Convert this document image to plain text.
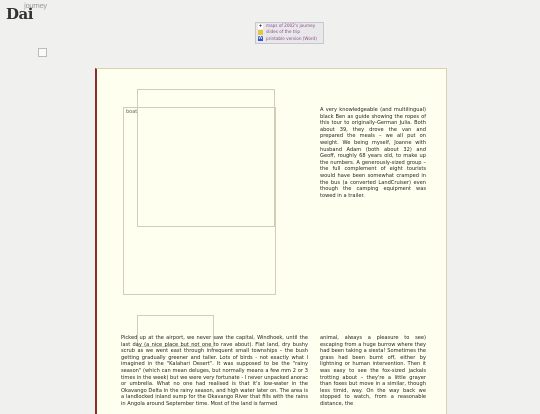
Dai
journey
+ maps of 2002's journey
slides of the trip
W printable version (Word)
boat	A very knowledgeable (and multilingual) black Ben as guide showing the ropes of this tour to originally-German Julia. Both about 39, they drove the van and prepared the meals – we all put on weight. We being myself, Joanne with husband Adam (both about 32) and Geoff, roughly 68 years old, to make up the numbers. A generously-sized group – the full complement of eight tourists would have been somewhat cramped in the bus (a converted LandCruiser) even though the camping equipment was towed in a trailer.
Picked up at the airport, we never saw the capital, Windhoek, until the last day (a nice place but not one to rave about). Flat land, dry bushy scrub as we went east through infrequent small townships – the bush getting gradually greener and taller. Lots of birds - not exactly what I imagined in the "Kalahari Desert". It was supposed to be the "rainy season" (which can mean deluges, but normally means a few mm 2 or 3 times in the week) but we were very fortunate - I never unpacked anorac or umbrella. What no one had realised is that it's low-water in the Okavango Delta in the rainy season, and high water later on. The area is a landlocked inland sump for the Okavango River that fills with the rains in Angola around September time. Most of the land is farmed
animal, always a pleasure to see) escaping from a huge burrow where they had been taking a siesta! Sometimes the grass had been burnt off, either by lightning or human intervention. Then it was easy to see the fox-sized jackals trotting about – they're a little grayer than foxes but move in a similar, though less timid, way. On the way back we stopped to watch, from a reasonable distance, the
